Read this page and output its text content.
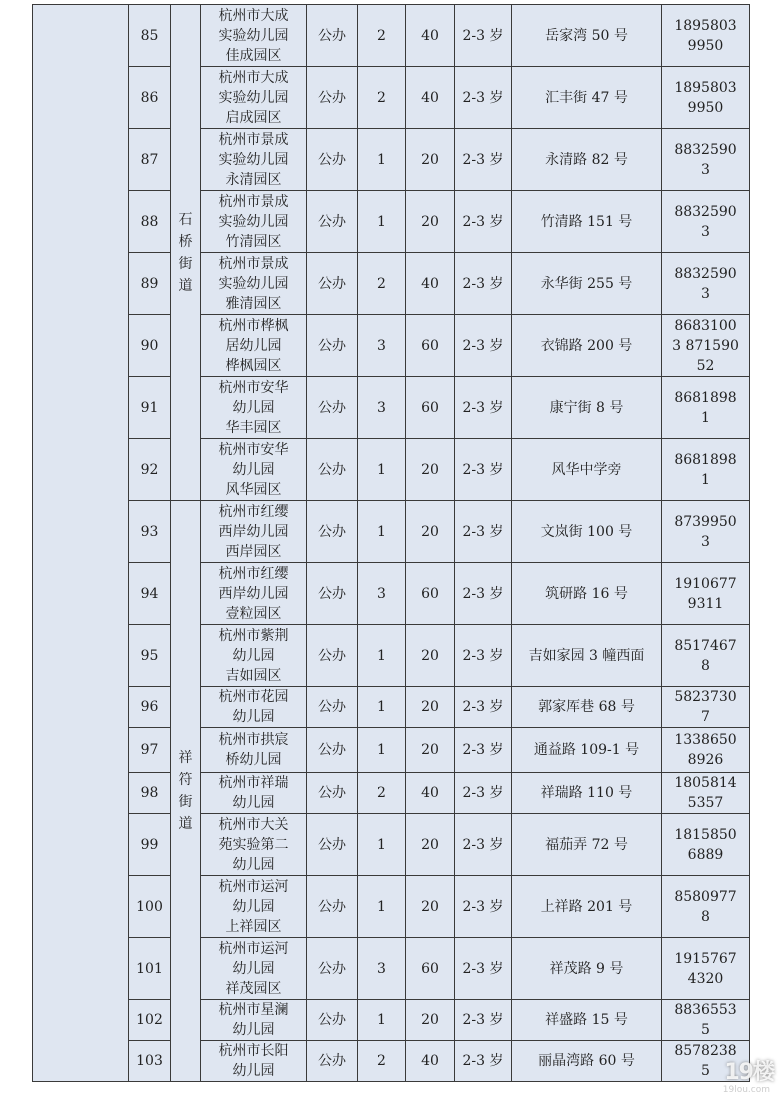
	85	石桥街道	杭州市大成
实验幼儿园
佳成园区	公办	2	40	2-3 岁	岳家湾 50 号	18958039950
	86		杭州市大成
实验幼儿园
启成园区	公办	2	40	2-3 岁	汇丰街 47 号	18958039950
	87		杭州市景成
实验幼儿园
永清园区	公办	1	20	2-3 岁	永清路 82 号	88325903
	88		杭州市景成
实验幼儿园
竹清园区	公办	1	20	2-3 岁	竹清路 151 号	88325903
	89		杭州市景成
实验幼儿园
雅清园区	公办	2	40	2-3 岁	永华街 255 号	88325903
	90		杭州市桦枫
居幼儿园
桦枫园区	公办	3	60	2-3 岁	衣锦路 200 号	86831003 87159052
	91		杭州市安华
幼儿园
华丰园区	公办	3	60	2-3 岁	康宁街 8 号	86818981
	92		杭州市安华
幼儿园
风华园区	公办	1	20	2-3 岁	风华中学旁	86818981
	93	祥符街道	杭州市红缨
西岸幼儿园
西岸园区	公办	1	20	2-3 岁	文岚街 100 号	87399503
	94		杭州市红缨
西岸幼儿园
壹粒园区	公办	3	60	2-3 岁	筑研路 16 号	19106779311
	95		杭州市紫荆
幼儿园
吉如园区	公办	1	20	2-3 岁	吉如家园 3 幢西面	85174678
	96		杭州市花园
幼儿园	公办	1	20	2-3 岁	郭家厍巷 68 号	58237307
	97		杭州市拱宸
桥幼儿园	公办	1	20	2-3 岁	通益路 109-1 号	13386508926
	98		杭州市祥瑞
幼儿园	公办	2	40	2-3 岁	祥瑞路 110 号	18058145357
	99		杭州市大关
苑实验第二
幼儿园	公办	1	20	2-3 岁	福茄弄 72 号	18158506889
	100		杭州市运河
幼儿园
上祥园区	公办	1	20	2-3 岁	上祥路 201 号	85809778
	101		杭州市运河
幼儿园
祥茂园区	公办	3	60	2-3 岁	祥茂路 9 号	19157674320
	102		杭州市星澜
幼儿园	公办	1	20	2-3 岁	祥盛路 15 号	88365535
	103		杭州市长阳
幼儿园	公办	2	40	2-3 岁	丽晶湾路 60 号	85782385 19楼
19lou.com
